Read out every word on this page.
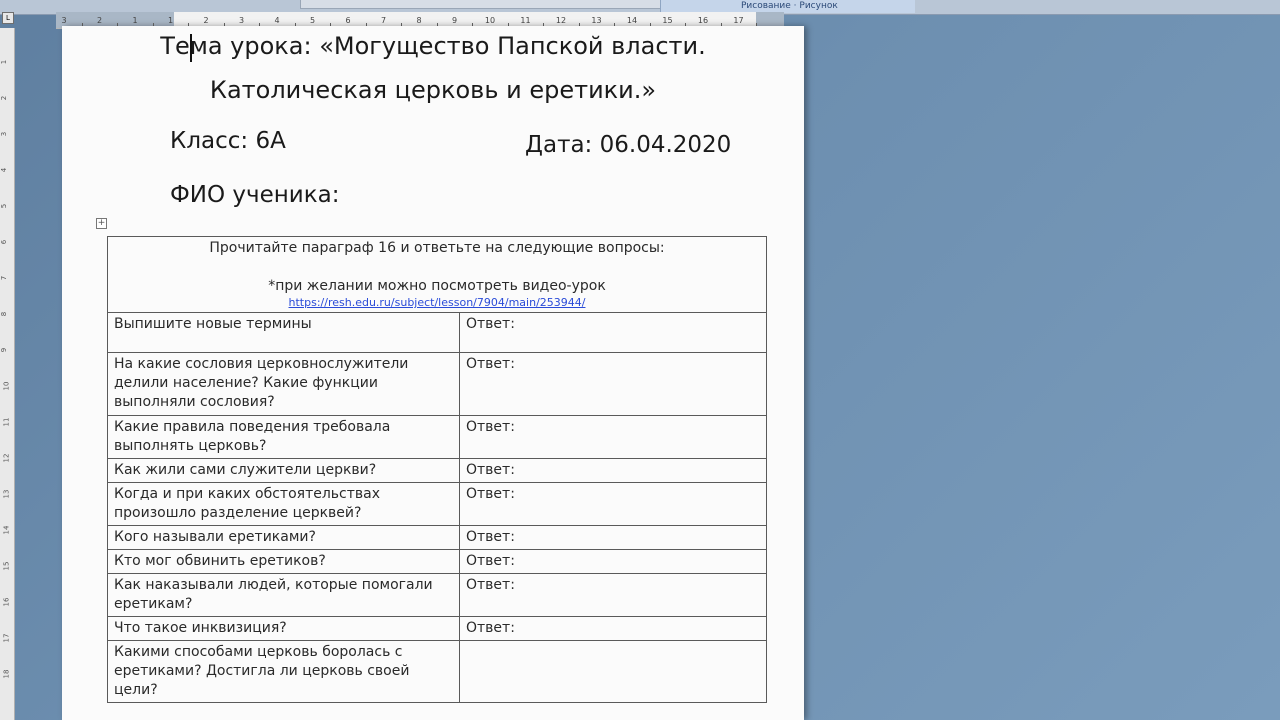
Рисование · Рисунок
L	3	2	1	1	2	3	4	5	6	7	8	9	10	11	12	13	14	15	16	17
1
2
3
4
5
6
7
8
9
10
11
12
13
14
15
16
17
18
Тема урока: «Могущество Папской власти.
Католическая церковь и еретики.»
Класс: 6А	Дата: 06.04.2020
ФИО ученика:
+
Прочитайте параграф 16 и ответьте на следующие вопросы:
*при желании можно посмотреть видео-урок
https://resh.edu.ru/subject/lesson/7904/main/253944/	

Выпишите новые термины	Ответ:
На какие сословия церковнослужители делили население? Какие функции выполняли сословия?	Ответ:
Какие правила поведения требовала выполнять церковь?	Ответ:
Как жили сами служители церкви?	Ответ:
Когда и при каких обстоятельствах произошло разделение церквей?	Ответ:
Кого называли еретиками?	Ответ:
Кто мог обвинить еретиков?	Ответ:
Как наказывали людей, которые помогали еретикам?	Ответ:
Что такое инквизиция?	Ответ:
Какими способами церковь боролась с еретиками? Достигла ли церковь своей цели?	
